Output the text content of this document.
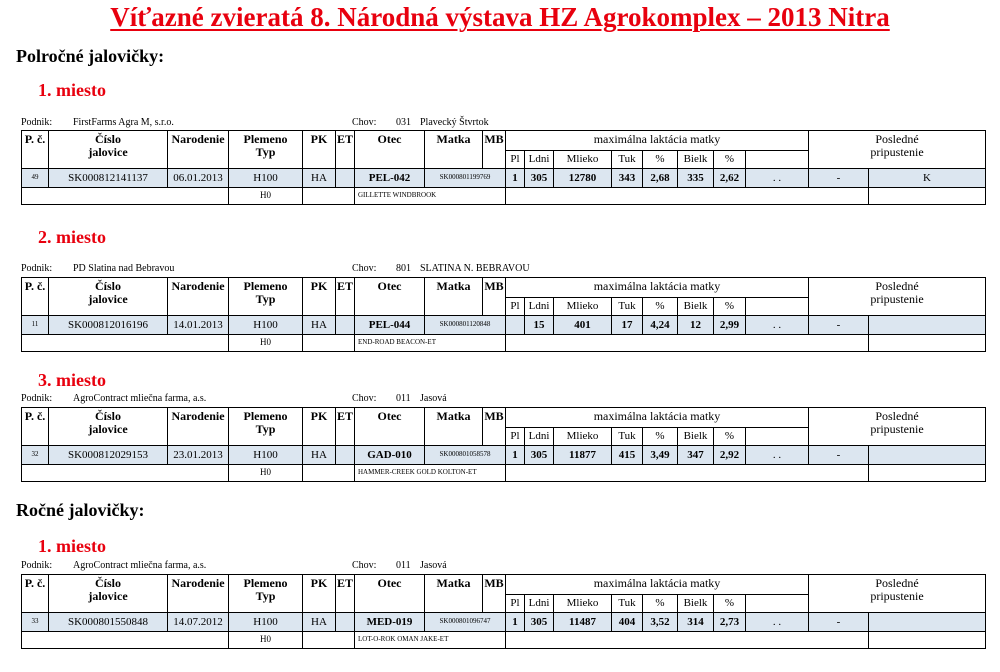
Víťazné zvieratá 8. Národná výstava HZ Agrokomplex – 2013 Nitra
Polročné jalovičky:
Ročné jalovičky:
1. miesto
2. miesto
3. miesto
1. miesto
Podnik: FirstFarms Agra M, s.r.o.	Chov: 031 Plavecký Štvrtok
Podnik: PD Slatina nad Bebravou	Chov: 801 SLATINA N. BEBRAVOU
Podnik: AgroContract mliečna farma, a.s.	Chov: 011 Jasová
Podnik: AgroContract mliečna farma, a.s.	Chov: 011 Jasová
P. č.	Číslo
jalovice	Narodenie	Plemeno
Typ	PK	ET	Otec	Matka	MB	maximálna laktácia matky								Posledné
pripustenie	
									Pl	Ldni	Mlieko	Tuk	%	Bielk	%				
49	SK000812141137	06.01.2013	H100	HA		PEL-042	SK000801199769		1	305	12780	343	2,68	335	2,62	. .	-	K	
			H0			GILLETTE WINDBROOK													
P. č.	Číslo
jalovice	Narodenie	Plemeno
Typ	PK	ET	Otec	Matka	MB	maximálna laktácia matky								Posledné
pripustenie	
									Pl	Ldni	Mlieko	Tuk	%	Bielk	%				
11	SK000812016196	14.01.2013	H100	HA		PEL-044	SK000801120848			15	401	17	4,24	12	2,99	. .	-		
			H0			END-ROAD BEACON-ET													
P. č.	Číslo
jalovice	Narodenie	Plemeno
Typ	PK	ET	Otec	Matka	MB	maximálna laktácia matky								Posledné
pripustenie	
									Pl	Ldni	Mlieko	Tuk	%	Bielk	%				
32	SK000812029153	23.01.2013	H100	HA		GAD-010	SK000801058578		1	305	11877	415	3,49	347	2,92	. .	-		
			H0			HAMMER-CREEK GOLD KOLTON-ET													
P. č.	Číslo
jalovice	Narodenie	Plemeno
Typ	PK	ET	Otec	Matka	MB	maximálna laktácia matky								Posledné
pripustenie	
									Pl	Ldni	Mlieko	Tuk	%	Bielk	%				
33	SK000801550848	14.07.2012	H100	HA		MED-019	SK000801096747		1	305	11487	404	3,52	314	2,73	. .	-		
			H0			LOT-O-ROK OMAN JAKE-ET													
